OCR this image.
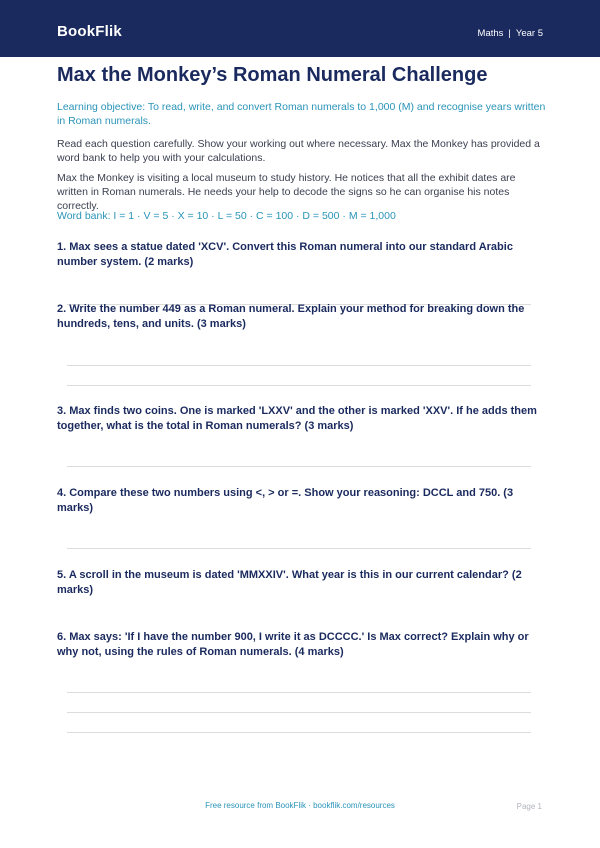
BookFlik	Maths | Year 5
Max the Monkey’s Roman Numeral Challenge
Learning objective: To read, write, and convert Roman numerals to 1,000 (M) and recognise years written in Roman numerals.
Read each question carefully. Show your working out where necessary. Max the Monkey has provided a word bank to help you with your calculations.
Max the Monkey is visiting a local museum to study history. He notices that all the exhibit dates are written in Roman numerals. He needs your help to decode the signs so he can organise his notes correctly.
Word bank: I = 1 · V = 5 · X = 10 · L = 50 · C = 100 · D = 500 · M = 1,000
1. Max sees a statue dated 'XCV'. Convert this Roman numeral into our standard Arabic number system. (2 marks)
2. Write the number 449 as a Roman numeral. Explain your method for breaking down the hundreds, tens, and units. (3 marks)
3. Max finds two coins. One is marked 'LXXV' and the other is marked 'XXV'. If he adds them together, what is the total in Roman numerals? (3 marks)
4. Compare these two numbers using <, > or =. Show your reasoning: DCCL and 750. (3 marks)
5. A scroll in the museum is dated 'MMXXIV'. What year is this in our current calendar? (2 marks)
6. Max says: 'If I have the number 900, I write it as DCCCC.' Is Max correct? Explain why or why not, using the rules of Roman numerals. (4 marks)
Free resource from BookFlik · bookflik.com/resources	Page 1
